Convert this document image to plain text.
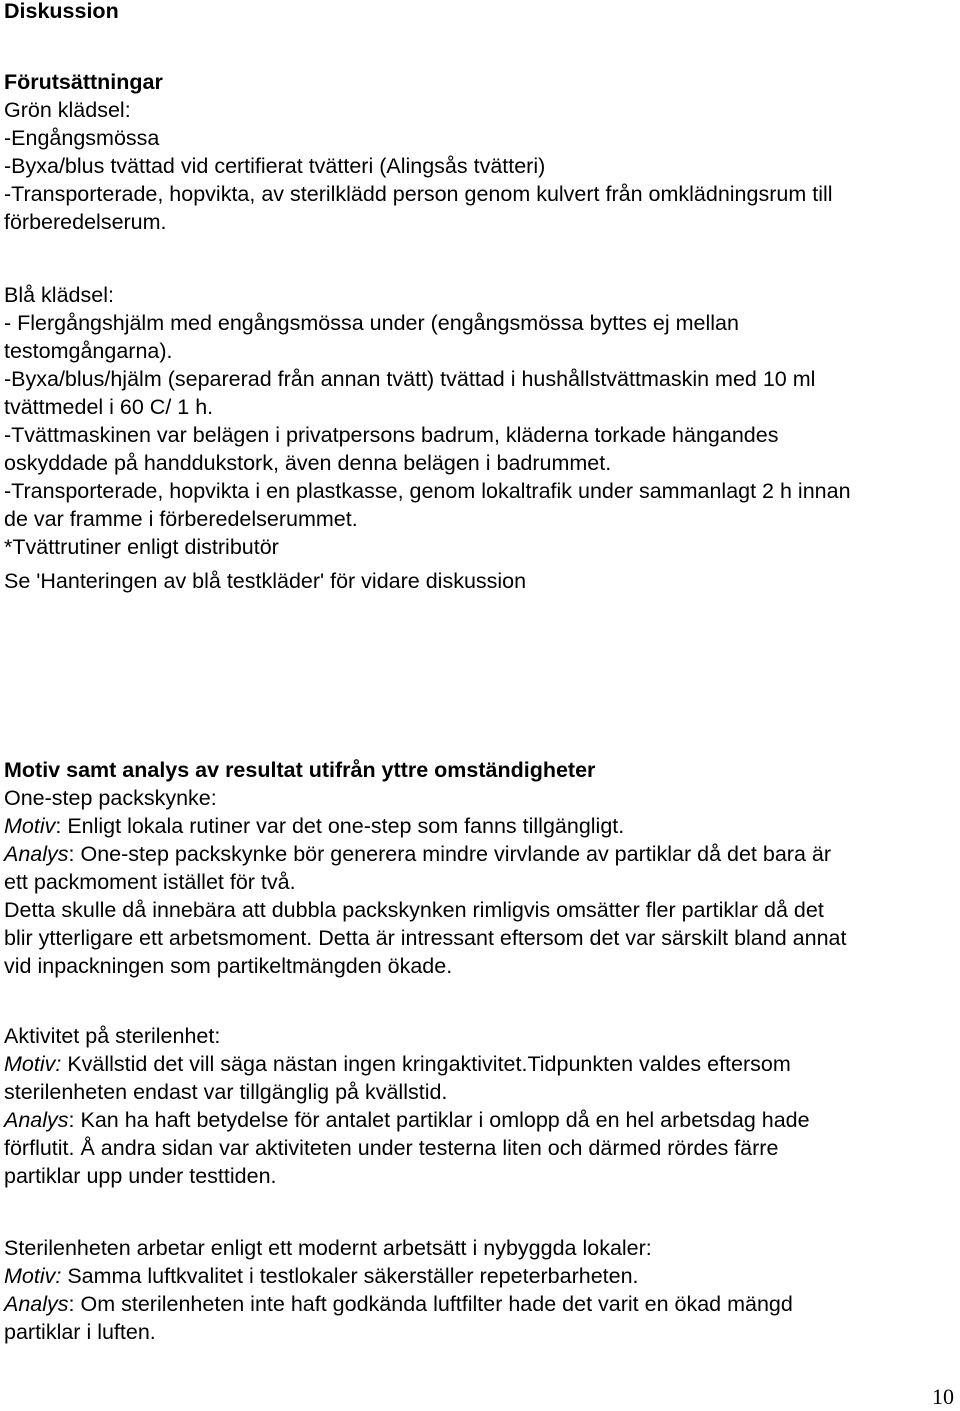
Diskussion
Förutsättningar
Grön klädsel:
-Engångsmössa
-Byxa/blus tvättad vid certifierat tvätteri (Alingsås tvätteri)
-Transporterade, hopvikta, av sterilklädd person genom kulvert från omklädningsrum till
förberedelserum.
Blå klädsel:
- Flergångshjälm med engångsmössa under (engångsmössa byttes ej mellan
testomgångarna).
-Byxa/blus/hjälm (separerad från annan tvätt) tvättad i hushållstvättmaskin med 10 ml
tvättmedel i 60 C/ 1 h.
-Tvättmaskinen var belägen i privatpersons badrum, kläderna torkade hängandes
oskyddade på handdukstork, även denna belägen i badrummet.
-Transporterade, hopvikta i en plastkasse, genom lokaltrafik under sammanlagt 2 h innan
de var framme i förberedelserummet.
*Tvättrutiner enligt distributör
Se 'Hanteringen av blå testkläder' för vidare diskussion
Motiv samt analys av resultat utifrån yttre omständigheter
One-step packskynke:
Motiv: Enligt lokala rutiner var det one-step som fanns tillgängligt.
Analys: One-step packskynke bör generera mindre virvlande av partiklar då det bara är
ett packmoment istället för två.
Detta skulle då innebära att dubbla packskynken rimligvis omsätter fler partiklar då det
blir ytterligare ett arbetsmoment. Detta är intressant eftersom det var särskilt bland annat
vid inpackningen som partikeltmängden ökade.
Aktivitet på sterilenhet:
Motiv: Kvällstid det vill säga nästan ingen kringaktivitet.Tidpunkten valdes eftersom
sterilenheten endast var tillgänglig på kvällstid.
Analys: Kan ha haft betydelse för antalet partiklar i omlopp då en hel arbetsdag hade
förflutit. Å andra sidan var aktiviteten under testerna liten och därmed rördes färre
partiklar upp under testtiden.
Sterilenheten arbetar enligt ett modernt arbetsätt i nybyggda lokaler:
Motiv: Samma luftkvalitet i testlokaler säkerställer repeterbarheten.
Analys: Om sterilenheten inte haft godkända luftfilter hade det varit en ökad mängd
partiklar i luften.
10
